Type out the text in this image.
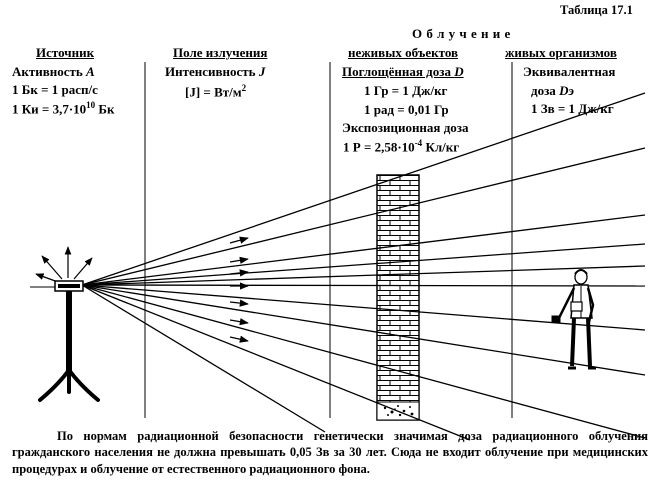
Таблица 17.1
О б л у ч е н и е
Источник
Активность A
1 Бк = 1 расп/с
1 Ки = $3,7\cdot 10^{10}$ Бк
Поле излучения
Интенсивность J
$[J] = Вт/м^2$
неживых объектов
Поглощённая доза D
1 Гр = 1 Дж/кг
1 рад = 0,01 Гр
Экспозиционная доза
1 $Р = 2,58\cdot 10^{-4}$ Кл/кг
живых организмов
Эквивалентная
доза Dэ
1 Зв = 1 Дж/кг
По нормам радиационной безопасности генетически значимая доза радиационного облучения гражданского населения не должна превышать 0,05 Зв за 30 лет. Сюда не входит облучение при медицинских процедурах и облучение от естественного радиационного фона.
